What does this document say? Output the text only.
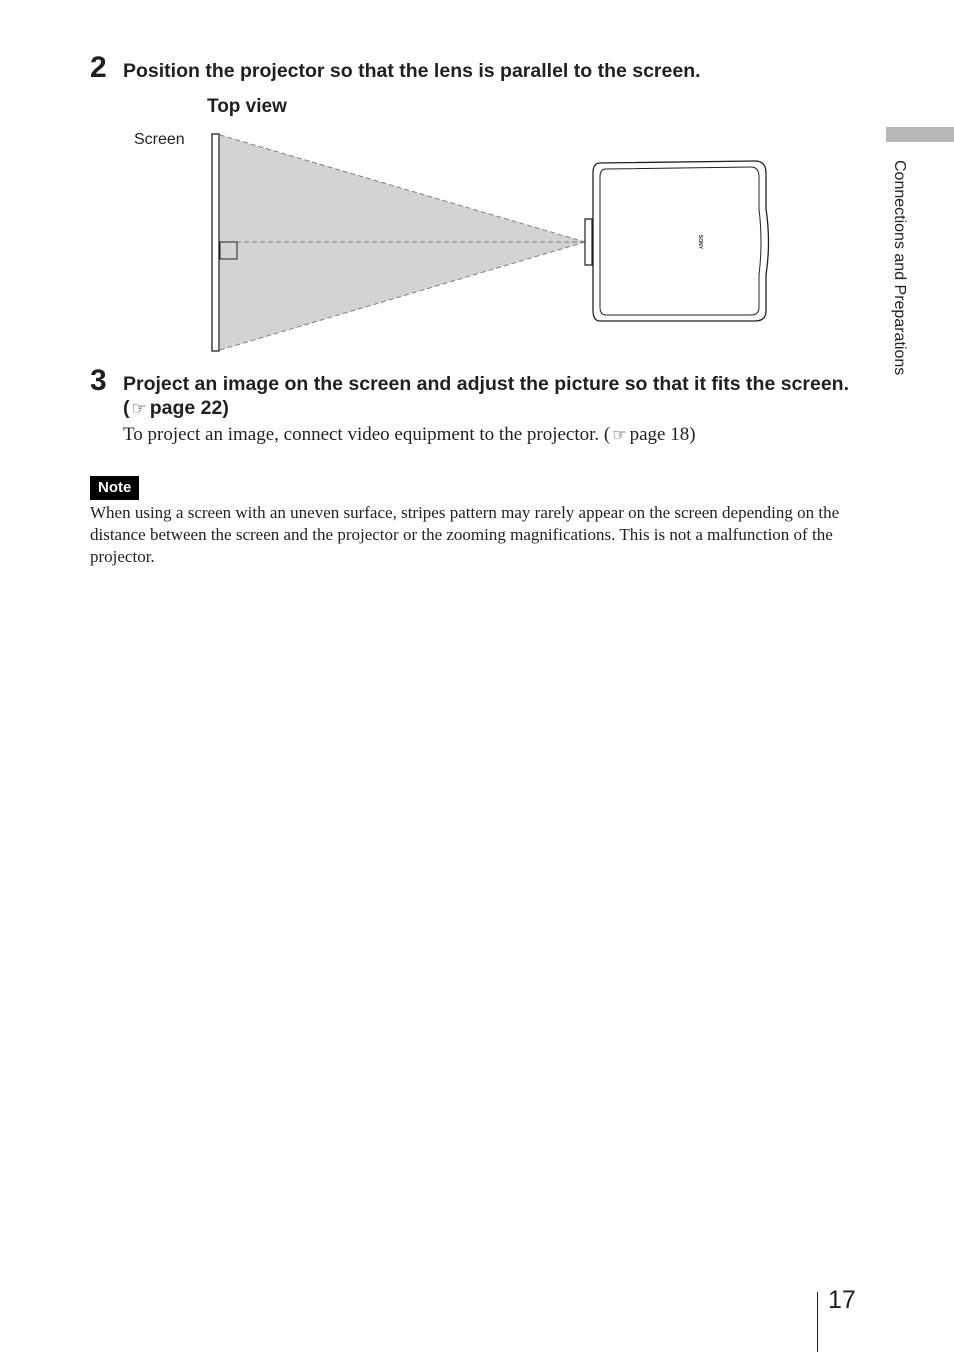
2 Position the projector so that the lens is parallel to the screen.
Top view
Screen
SONY
3 Project an image on the screen and adjust the picture so that it fits the screen. ( ☞ page 22)
To project an image, connect video equipment to the projector. ( ☞ page 18)
Note
When using a screen with an uneven surface, stripes pattern may rarely appear on the screen depending on the distance between the screen and the projector or the zooming magnifications. This is not a malfunction of the projector.
Connections and Preparations
17
